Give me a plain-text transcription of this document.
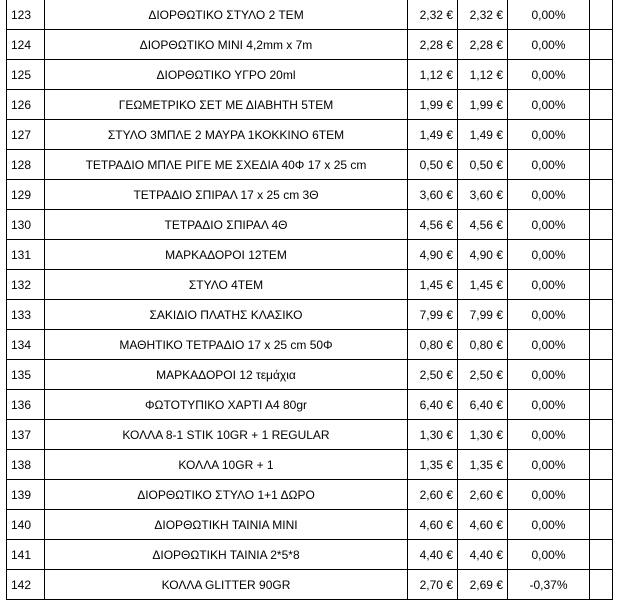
123	ΔΙΟΡΘΩΤΙΚΟ ΣΤΥΛΟ 2 ΤΕΜ	2,32 €	2,32 €	0,00%	
124	ΔΙΟΡΘΩΤΙΚΟ ΜΙΝΙ 4,2mm x 7m	2,28 €	2,28 €	0,00%	
125	ΔΙΟΡΘΩΤΙΚΟ ΥΓΡΟ 20ml	1,12 €	1,12 €	0,00%	
126	ΓΕΩΜΕΤΡΙΚΟ ΣΕΤ ΜΕ ΔΙΑΒΗΤΗ 5ΤΕΜ	1,99 €	1,99 €	0,00%	
127	ΣΤΥΛΟ 3ΜΠΛΕ 2 ΜΑΥΡΑ 1ΚΟΚΚΙΝΟ 6ΤΕΜ	1,49 €	1,49 €	0,00%	
128	ΤΕΤΡΑΔΙΟ ΜΠΛΕ ΡΙΓΕ ΜΕ ΣΧΕΔΙΑ 40Φ 17 x 25 cm	0,50 €	0,50 €	0,00%	
129	ΤΕΤΡΑΔΙΟ ΣΠΙΡΑΛ 17 x 25 cm 3Θ	3,60 €	3,60 €	0,00%	
130	ΤΕΤΡΑΔΙΟ ΣΠΙΡΑΛ 4Θ	4,56 €	4,56 €	0,00%	
131	ΜΑΡΚΑΔΟΡΟΙ 12ΤΕΜ	4,90 €	4,90 €	0,00%	
132	ΣΤΥΛΟ 4ΤΕΜ	1,45 €	1,45 €	0,00%	
133	ΣΑΚΙΔΙΟ ΠΛΑΤΗΣ ΚΛΑΣΙΚΟ	7,99 €	7,99 €	0,00%	
134	ΜΑΘΗΤΙΚΟ ΤΕΤΡΑΔΙΟ 17 x 25 cm 50Φ	0,80 €	0,80 €	0,00%	
135	ΜΑΡΚΑΔΟΡΟΙ 12 τεμάχια	2,50 €	2,50 €	0,00%	
136	ΦΩΤΟΤΥΠΙΚΟ ΧΑΡΤΙ Α4 80gr	6,40 €	6,40 €	0,00%	
137	ΚΟΛΛΑ 8-1 STIK 10GR + 1 REGULAR	1,30 €	1,30 €	0,00%	
138	ΚΟΛΛΑ 10GR + 1	1,35 €	1,35 €	0,00%	
139	ΔΙΟΡΘΩΤΙΚΟ ΣΤΥΛΟ 1+1 ΔΩΡΟ	2,60 €	2,60 €	0,00%	
140	ΔΙΟΡΘΩΤΙΚΗ ΤΑΙΝΙΑ MINI	4,60 €	4,60 €	0,00%	
141	ΔΙΟΡΘΩΤΙΚΗ ΤΑΙΝΙΑ 2*5*8	4,40 €	4,40 €	0,00%	
142	ΚΟΛΛΑ GLITTER 90GR	2,70 €	2,69 €	-0,37%	
